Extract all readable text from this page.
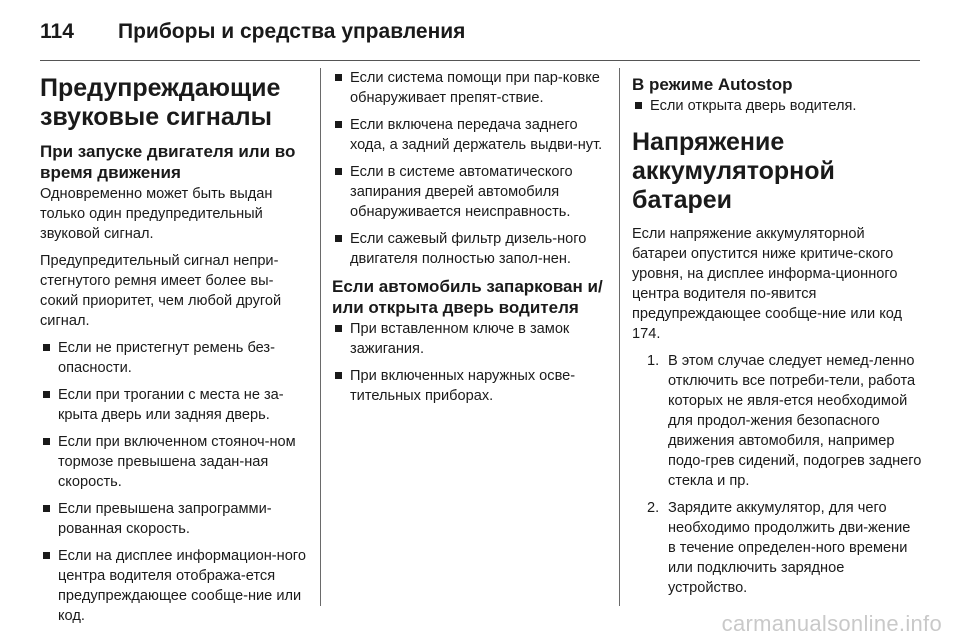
114 Приборы и средства управления
Предупреждающие звуковые сигналы
При запуске двигателя или во время движения
Одновременно может быть выдан только один предупредительный звуковой сигнал.
Предупредительный сигнал непри-стегнутого ремня имеет более вы-сокий приоритет, чем любой другой сигнал.
Если не пристегнут ремень без-опасности.
Если при трогании с места не за-крыта дверь или задняя дверь.
Если при включенном стояноч-ном тормозе превышена задан-ная скорость.
Если превышена запрограмми-рованная скорость.
Если на дисплее информацион-ного центра водителя отобража-ется предупреждающее сообще-ние или код.
Если система помощи при пар-ковке обнаруживает препят-ствие.
Если включена передача заднего хода, а задний держатель выдви-нут.
Если в системе автоматического запирания дверей автомобиля обнаруживается неисправность.
Если сажевый фильтр дизель-ного двигателя полностью запол-нен.
Если автомобиль запаркован и/или открыта дверь водителя
При вставленном ключе в замок зажигания.
При включенных наружных осве-тительных приборах.
В режиме Autostop
Если открыта дверь водителя.
Напряжение аккумуляторной батареи
Если напряжение аккумуляторной батареи опустится ниже критиче-ского уровня, на дисплее информа-ционного центра водителя по-явится предупреждающее сообще-ние или код 174.
1. В этом случае следует немед-ленно отключить все потреби-тели, работа которых не явля-ется необходимой для продол-жения безопасного движения автомобиля, например подо-грев сидений, подогрев заднего стекла и пр.
2. Зарядите аккумулятор, для чего необходимо продолжить дви-жение в течение определен-ного времени или подключить зарядное устройство.
carmanualsonline.info
